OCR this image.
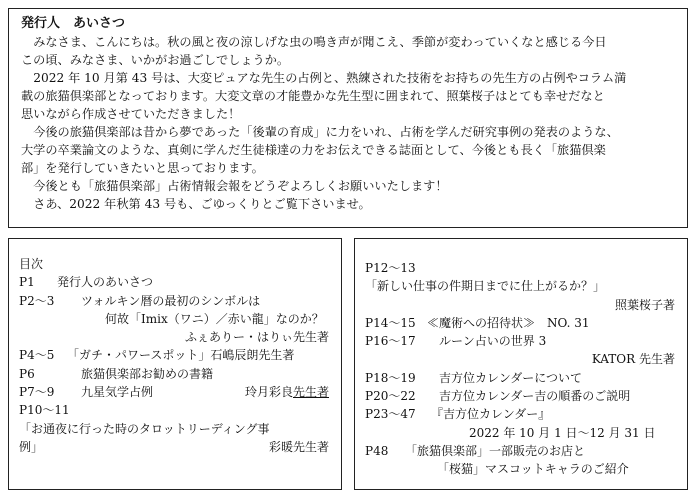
発行人　あいさつ

みなさま、こんにちは。秋の風と夜の涼しげな虫の鳴き声が聞こえ、季節が変わっていくなと感じる今日

この頃、みなさま、いかがお過ごしでしょうか。

2022 年 10 月第 43 号は、大変ピュアな先生の占例と、熟練された技術をお持ちの先生方の占例やコラム満

載の旅猫倶楽部となっております。大変文章の才能豊かな先生型に囲まれて、照葉桜子はとても幸せだなと

思いながら作成させていただきました！

今後の旅猫倶楽部は昔から夢であった「後輩の育成」に力をいれ、占術を学んだ研究事例の発表のような、

大学の卒業論文のような、真剣に学んだ生徒様達の力をお伝えできる誌面として、今後とも長く「旅猫倶楽

部」を発行していきたいと思っております。

今後とも「旅猫倶楽部」占術情報会報をどうぞよろしくお願いいたします！

さあ、2022 年秋第 43 号も、ごゆっくりとご覧下さいませ。

目次
P1 発行人のあいさつ
P2〜3 ツォルキン暦の最初のシンボルは
何故「Imix（ワニ）／赤い龍」なのか？
ふぇありー・はりぃ先生著
P4〜5 「ガチ・パワースポット」石嶋辰朗先生著
P6	旅猫倶楽部お勧めの書籍
P7〜9 九星気学占例	玲月彩良先生著
P10〜11
「お通夜に行った時のタロットリーディング事
例」	彩暖先生著
P12〜13
「新しい仕事の件期日までに仕上がるか？」
照葉桜子著
P14〜15 ≪魔術への招待状≫　NO. 31
P16〜17 ルーン占いの世界 3
KATOR 先生著
P18〜19 吉方位カレンダーについて
P20〜22 吉方位カレンダー吉の順番のご説明
P23〜47 『吉方位カレンダー』
2022 年 10 月 1 日〜12 月 31 日
P48 「旅猫倶楽部」一部販売のお店と
「桜猫」マスコットキャラのご紹介
